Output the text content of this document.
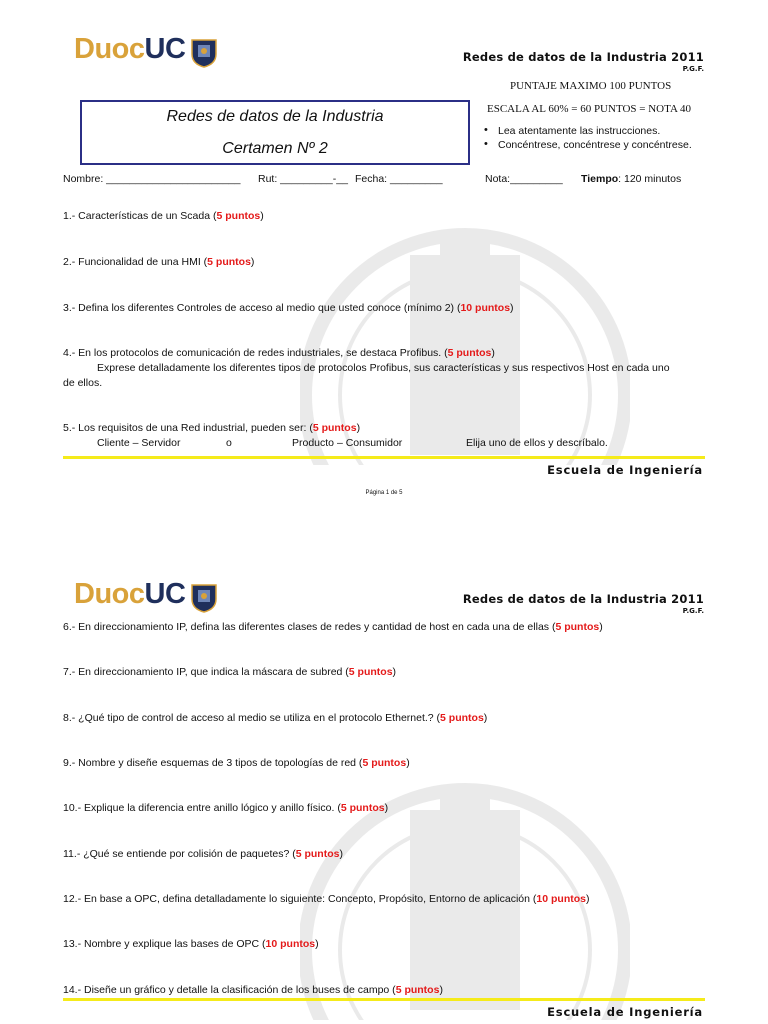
DuocUC	Redes de datos de la Industria 2011
P.G.F.
Redes de datos de la Industria
Certamen Nº 2
PUNTAJE MAXIMO 100 PUNTOS
ESCALA AL 60% = 60 PUNTOS = NOTA 40
• Lea atentamente las instrucciones.
• Concéntrese, concéntrese y concéntrese.
Nombre: _______________________ Rut: _________-__ Fecha: _________	Nota:_________ Tiempo: 120 minutos
1.- Características de un Scada (5 puntos)
2.- Funcionalidad de una HMI (5 puntos)
3.- Defina los diferentes Controles de acceso al medio que usted conoce (mínimo 2) (10 puntos)
4.- En los protocolos de comunicación de redes industriales, se destaca Profibus. (5 puntos)
Exprese detalladamente los diferentes tipos de protocolos Profibus, sus características y sus respectivos Host en cada uno
de ellos.
5.- Los requisitos de una Red industrial, pueden ser: (5 puntos)
Cliente – Servidor	o	Producto – Consumidor	Elija uno de ellos y descríbalo.
Escuela de Ingeniería
Página 1 de 5
DuocUC	Redes de datos de la Industria 2011
P.G.F.
6.- En direccionamiento IP, defina las diferentes clases de redes y cantidad de host en cada una de ellas (5 puntos)
7.- En direccionamiento IP, que indica la máscara de subred (5 puntos)
8.- ¿Qué tipo de control de acceso al medio se utiliza en el protocolo Ethernet.? (5 puntos)
9.- Nombre y diseñe esquemas de 3 tipos de topologías de red (5 puntos)
10.- Explique la diferencia entre anillo lógico y anillo físico. (5 puntos)
11.- ¿Qué se entiende por colisión de paquetes? (5 puntos)
12.- En base a OPC, defina detalladamente lo siguiente: Concepto, Propósito, Entorno de aplicación (10 puntos)
13.- Nombre y explique las bases de OPC (10 puntos)
14.- Diseñe un gráfico y detalle la clasificación de los buses de campo (5 puntos)
Escuela de Ingeniería
